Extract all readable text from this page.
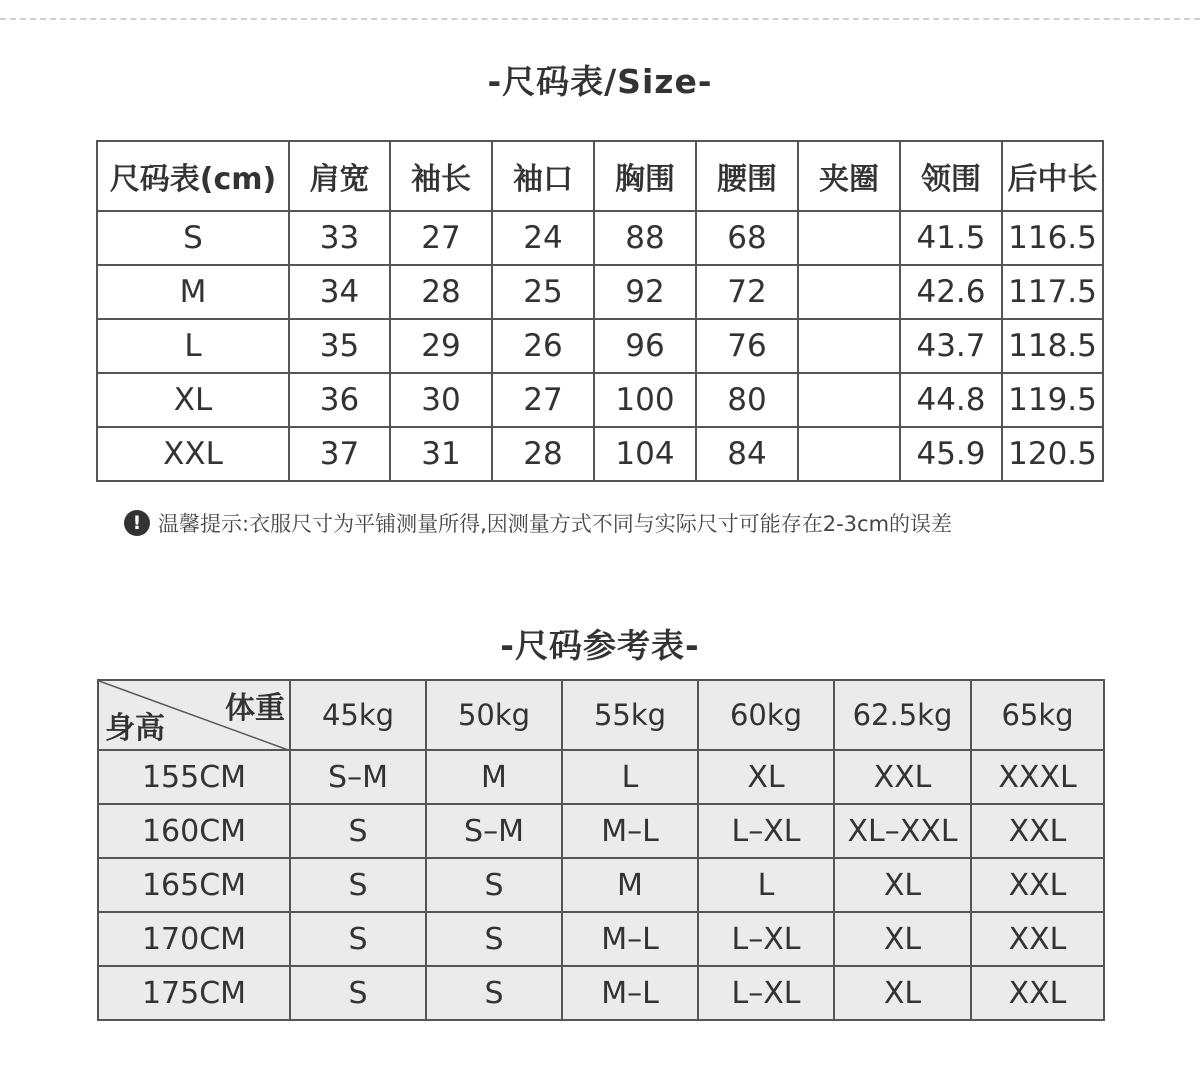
-尺码表/Size-
尺码表(cm)	肩宽	袖长	袖口	胸围	腰围	夹圈	领围	后中长
S	33	27	24	88	68		41.5	116.5
M	34	28	25	92	72		42.6	117.5
L	35	29	26	96	76		43.7	118.5
XL	36	30	27	100	80		44.8	119.5
XXL	37	31	28	104	84		45.9	120.5
! 温馨提示:衣服尺寸为平铺测量所得,因测量方式不同与实际尺寸可能存在2-3cm的误差
-尺码参考表-
体重
身高	45kg	50kg	55kg	60kg	62.5kg	65kg
155CM	S–M	M	L	XL	XXL	XXXL
160CM	S	S–M	M–L	L–XL	XL–XXL	XXL
165CM	S	S	M	L	XL	XXL
170CM	S	S	M–L	L–XL	XL	XXL
175CM	S	S	M–L	L–XL	XL	XXL
